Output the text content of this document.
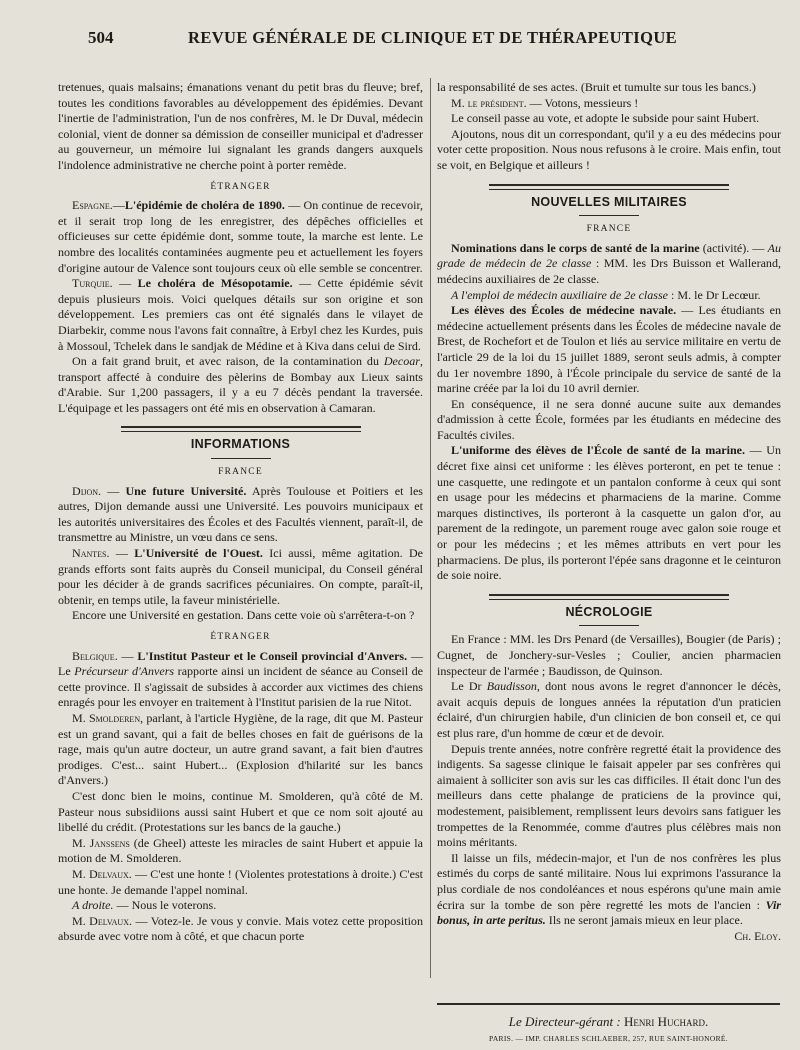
504	REVUE GÉNÉRALE DE CLINIQUE ET DE THÉRAPEUTIQUE

tretenues, quais malsains; émanations venant du petit bras du fleuve; bref, toutes les conditions favorables au développement des épidémies. Devant l'inertie de l'administration, l'un de nos confrères, M. le Dr Duval, médecin colonial, vient de donner sa démission de conseiller municipal et d'adresser au gouverneur, un mémoire lui signalant les grands dangers auxquels l'indolence administrative ne cherche point à porter remède.

ÉTRANGER

Espagne.—L'épidémie de choléra de 1890. — On continue de recevoir, et il serait trop long de les enregistrer, des dépêches officielles et officieuses sur cette épidémie dont, somme toute, la marche est lente. Le nombre des localités contaminées augmente peu et actuellement les foyers d'origine autour de Valence sont toujours ceux où elle semble se concentrer.

Turquie. — Le choléra de Mésopotamie. — Cette épidémie sévit depuis plusieurs mois. Voici quelques détails sur son origine et son développement. Les premiers cas ont été signalés dans le vilayet de Diarbekir, comme nous l'avons fait connaître, à Erbyl chez les Kurdes, puis à Mossoul, Tchelek dans le sandjak de Médine et à Kiva dans celui de Sird.

On a fait grand bruit, et avec raison, de la contamination du Decoar, transport affecté à conduire des pèlerins de Bombay aux Lieux saints d'Arabie. Sur 1,200 passagers, il y a eu 7 décès pendant la traversée. L'équipage et les passagers ont été mis en observation à Camaran.

INFORMATIONS
FRANCE

Dijon. — Une future Université. Après Toulouse et Poitiers et les autres, Dijon demande aussi une Université. Les pouvoirs municipaux et les autorités universitaires des Écoles et des Facultés viennent, paraît-il, de transmettre au Ministre, un vœu dans ce sens.

Nantes. — L'Université de l'Ouest. Ici aussi, même agitation. De grands efforts sont faits auprès du Conseil municipal, du Conseil général pour les décider à de grands sacrifices pécuniaires. On compte, paraît-il, obtenir, en temps utile, la faveur ministérielle.

Encore une Université en gestation. Dans cette voie où s'arrêtera-t-on ?

ÉTRANGER

Belgique. — L'Institut Pasteur et le Conseil provincial d'Anvers. — Le Précurseur d'Anvers rapporte ainsi un incident de séance au Conseil de cette province. Il s'agissait de subsides à accorder aux victimes des chiens enragés pour les envoyer en traitement à l'Institut parisien de la rue Nitot.

M. Smolderen, parlant, à l'article Hygiène, de la rage, dit que M. Pasteur est un grand savant, qui a fait de belles choses en fait de guérisons de la rage, mais qu'un autre docteur, un autre grand savant, a fait bien d'autres prodiges. C'est... saint Hubert... (Explosion d'hilarité sur les bancs d'Anvers.)

C'est donc bien le moins, continue M. Smolderen, qu'à côté de M. Pasteur nous subsidiions aussi saint Hubert et que ce nom soit ajouté au libellé du crédit. (Protestations sur les bancs de la gauche.)

M. Janssens (de Gheel) atteste les miracles de saint Hubert et appuie la motion de M. Smolderen.

M. Delvaux. — C'est une honte ! (Violentes protestations à droite.) C'est une honte. Je demande l'appel nominal.

A droite. — Nous le voterons.

M. Delvaux. — Votez-le. Je vous y convie. Mais votez cette proposition absurde avec votre nom à côté, et que chacun porte

la responsabilité de ses actes. (Bruit et tumulte sur tous les bancs.)

M. le président. — Votons, messieurs !

Le conseil passe au vote, et adopte le subside pour saint Hubert.

Ajoutons, nous dit un correspondant, qu'il y a eu des médecins pour voter cette proposition. Nous nous refusons à le croire. Mais enfin, tout se voit, en Belgique et ailleurs !

NOUVELLES MILITAIRES
FRANCE

Nominations dans le corps de santé de la marine (activité). — Au grade de médecin de 2e classe : MM. les Drs Buisson et Wallerand, médecins auxiliaires de 2e classe.

A l'emploi de médecin auxiliaire de 2e classe : M. le Dr Lecœur.

Les élèves des Écoles de médecine navale. — Les étudiants en médecine actuellement présents dans les Écoles de médecine navale de Brest, de Rochefort et de Toulon et liés au service militaire en vertu de l'article 29 de la loi du 15 juillet 1889, seront seuls admis, à compter du 1er novembre 1890, à l'École principale du service de santé de la marine créée par la loi du 10 avril dernier.

En conséquence, il ne sera donné aucune suite aux demandes d'admission à cette École, formées par les étudiants en médecine des Facultés civiles.

L'uniforme des élèves de l'École de santé de la marine. — Un décret fixe ainsi cet uniforme : les élèves porteront, en pet te tenue : une casquette, une redingote et un pantalon conforme à ceux qui sont en usage pour les médecins et pharmaciens de la marine. Comme marques distinctives, ils porteront à la casquette un galon d'or, au parement de la redingote, un parement rouge avec galon soie rouge et or pour les médecins ; et les mêmes attributs en vert pour les pharmaciens. De plus, ils porteront l'épée sans dragonne et le ceinturon de soie noire.

NÉCROLOGIE

En France : MM. les Drs Penard (de Versailles), Bougier (de Paris) ; Cugnet, de Jonchery-sur-Vesles ; Coulier, ancien pharmacien inspecteur de l'armée ; Baudisson, de Quinson.

Le Dr Baudisson, dont nous avons le regret d'annoncer le décès, avait acquis depuis de longues années la réputation d'un praticien éclairé, d'un chirurgien habile, d'un clinicien de bon conseil et, ce qui est plus rare, d'un homme de cœur et de devoir.

Depuis trente années, notre confrère regretté était la providence des indigents. Sa sagesse clinique le faisait appeler par ses confrères qui aimaient à solliciter son avis sur les cas difficiles. Il était donc l'un des meilleurs dans cette phalange de praticiens de la province qui, modestement, paisiblement, remplissent leurs devoirs sans fatiguer les trompettes de la Renommée, comme d'autres plus célèbres mais non moins méritants.

Il laisse un fils, médecin-major, et l'un de nos confrères les plus estimés du corps de santé militaire. Nous lui exprimons l'assurance la plus cordiale de nos condoléances et nous espérons qu'une main amie écrira sur la tombe de son père regretté les mots de l'ancien : Vir bonus, in arte peritus. Ils ne seront jamais mieux en leur place.

Ch. Eloy.
Le Directeur-gérant : Henri Huchard.
PARIS. — IMP. CHARLES SCHLAEBER, 257, RUE SAINT-HONORÉ.
